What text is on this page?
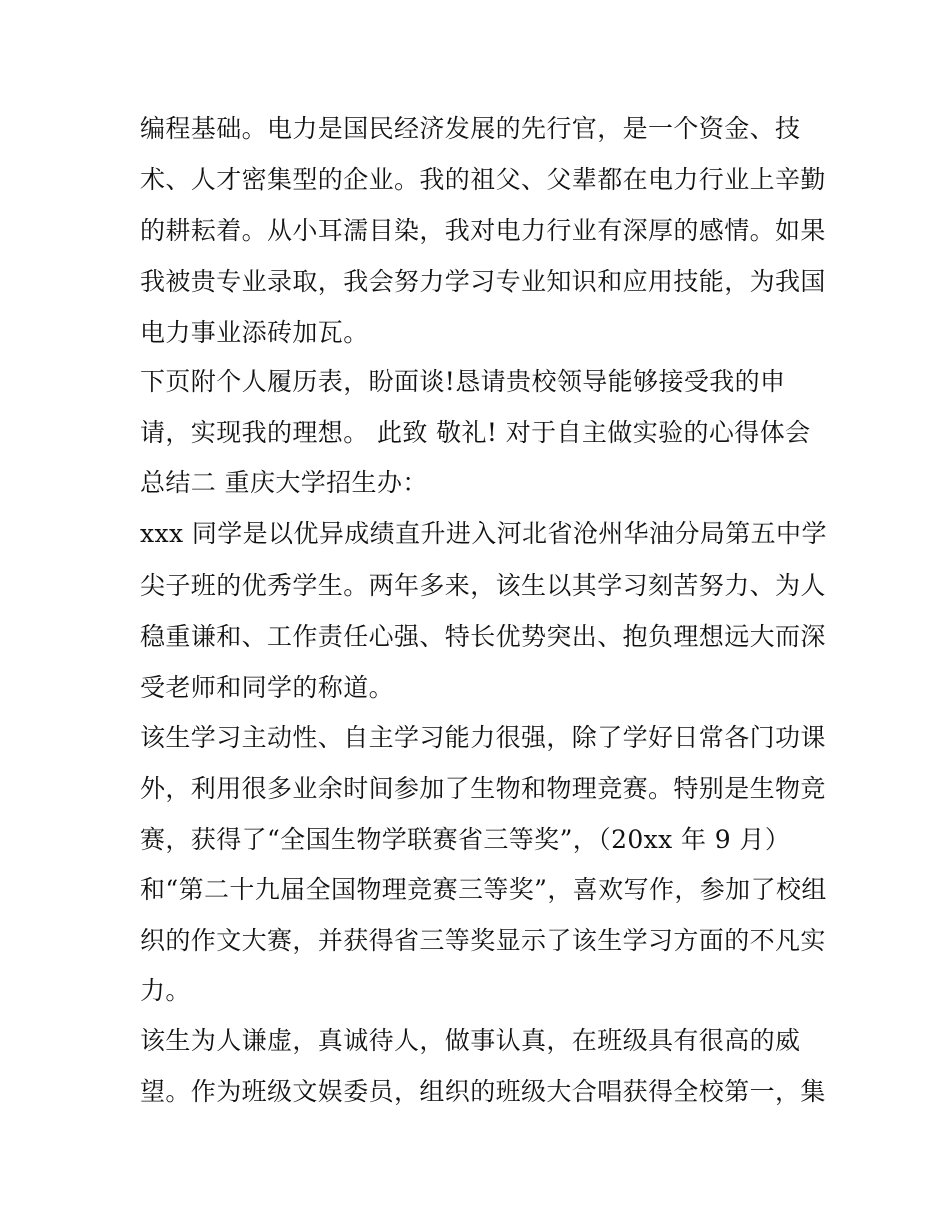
编程基础。电力是国民经济发展的先行官，是一个资金、技
术、人才密集型的企业。我的祖父、父辈都在电力行业上辛勤
的耕耘着。从小耳濡目染，我对电力行业有深厚的感情。如果
我被贵专业录取，我会努力学习专业知识和应用技能，为我国
电力事业添砖加瓦。
下页附个人履历表，盼面谈!恳请贵校领导能够接受我的申
请，实现我的理想。 此致 敬礼! 对于自主做实验的心得体会
总结二 重庆大学招生办：
xxx 同学是以优异成绩直升进入河北省沧州华油分局第五中学
尖子班的优秀学生。两年多来，该生以其学习刻苦努力、为人
稳重谦和、工作责任心强、特长优势突出、抱负理想远大而深
受老师和同学的称道。
该生学习主动性、自主学习能力很强，除了学好日常各门功课
外，利用很多业余时间参加了生物和物理竞赛。特别是生物竞
赛，获得了“全国生物学联赛省三等奖”，（20xx 年 9 月）
和“第二十九届全国物理竞赛三等奖”，喜欢写作，参加了校组
织的作文大赛，并获得省三等奖显示了该生学习方面的不凡实
力。
该生为人谦虚，真诚待人，做事认真，在班级具有很高的威
望。作为班级文娱委员，组织的班级大合唱获得全校第一，集
